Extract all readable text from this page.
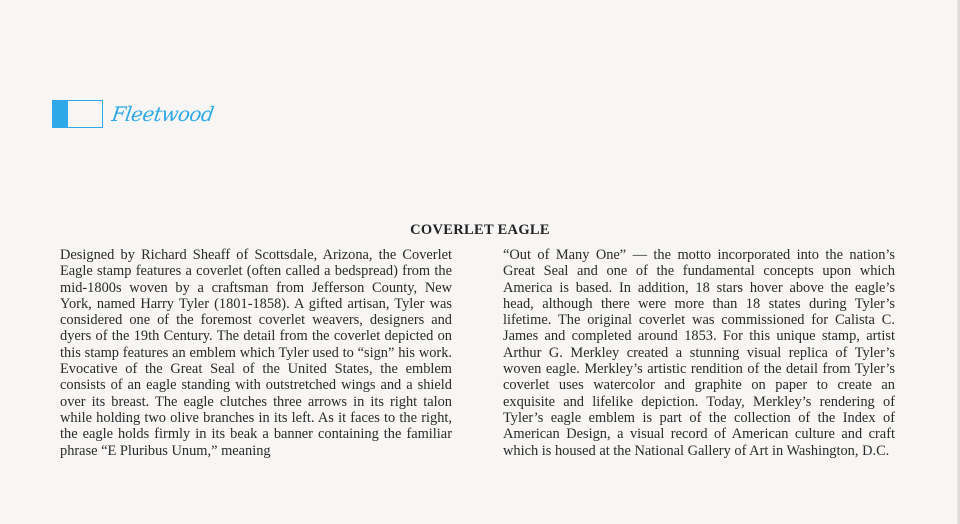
Fleetwood
COVERLET EAGLE

Designed by Richard Sheaff of Scottsdale, Arizona, the Coverlet Eagle stamp features a coverlet (often called a bedspread) from the mid-1800s woven by a craftsman from Jefferson County, New York, named Harry Tyler (1801-1858). A gifted artisan, Tyler was considered one of the foremost coverlet weavers, designers and dyers of the 19th Century. The detail from the coverlet depicted on this stamp features an emblem which Tyler used to “sign” his work. Evocative of the Great Seal of the United States, the emblem consists of an eagle standing with outstretched wings and a shield over its breast. The eagle clutches three arrows in its right talon while holding two olive branches in its left. As it faces to the right, the eagle holds firmly in its beak a banner containing the familiar phrase “E Pluribus Unum,” meaning

“Out of Many One” — the motto incorporated into the nation’s Great Seal and one of the fundamental concepts upon which America is based. In addition, 18 stars hover above the eagle’s head, although there were more than 18 states during Tyler’s lifetime. The original coverlet was commissioned for Calista C. James and completed around 1853. For this unique stamp, artist Arthur G. Merkley created a stunning visual replica of Tyler’s woven eagle. Merkley’s artistic rendition of the detail from Tyler’s coverlet uses watercolor and graphite on paper to create an exquisite and lifelike depiction. Today, Merkley’s rendering of Tyler’s eagle emblem is part of the collection of the Index of American Design, a visual record of American culture and craft which is housed at the National Gallery of Art in Washington, D.C.
